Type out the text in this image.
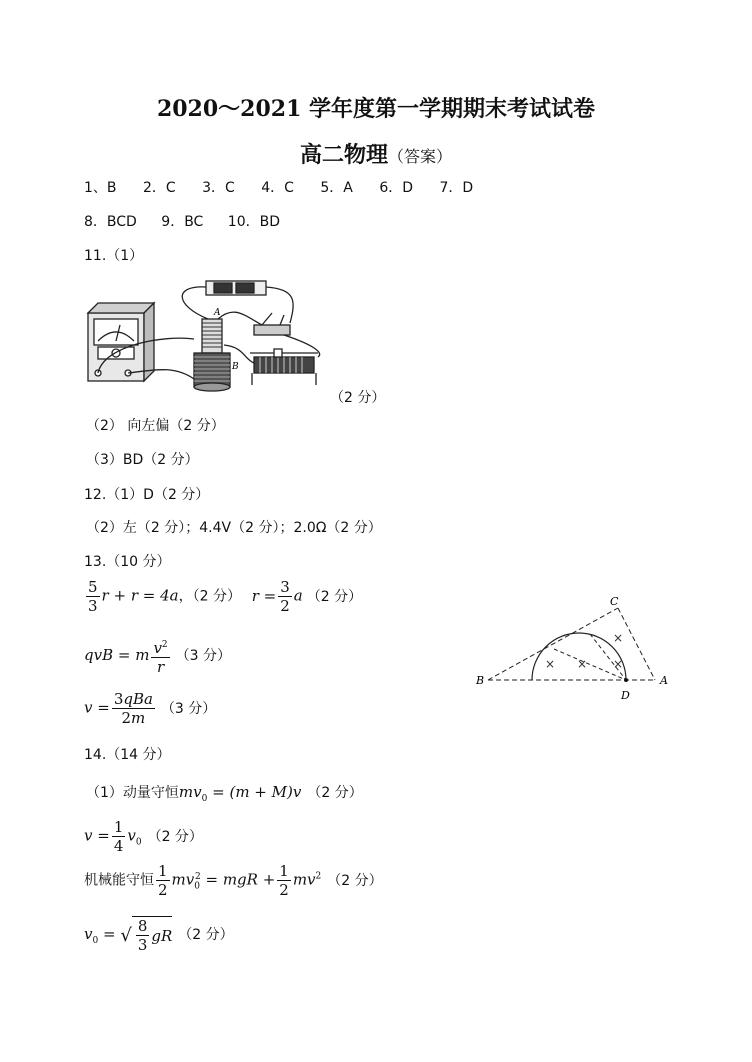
2020～2021 学年度第一学期期末考试试卷
高二物理（答案）
1、B 2．C 3．C 4．C 5．A 6．D 7．D
8．BCD 9．BC 10．BD
11.（1）
A
B
（2 分）
（2） 向左偏（2 分）
（3）BD（2 分）
12.（1）D（2 分）
（2）左（2 分）；4.4V（2 分）；2.0Ω（2 分）
13.（10 分）
$\frac{5}{3}$ r + r = 4a，（2 分） $r = \frac{3}{2}$ a （2 分）
qvB = m $\frac{v^2}{r} (3$ 分）
$v = \frac{\text{3qBa}}{2m} (3$ 分）
× × ×
×
B
C
A
D
14.（14 分）
（1）动量守恒$mv_0 = (m + M)v$ （2 分）
$v = \frac{1}{4} v_0$ （2 分）
机械能守恒 $\frac{1}{2} mv_0^2$ = mgR + $\frac{1}{2} mv^2$ （2 分）
$v_0$ = √ $\frac{8}{3}$ gR （2 分）
